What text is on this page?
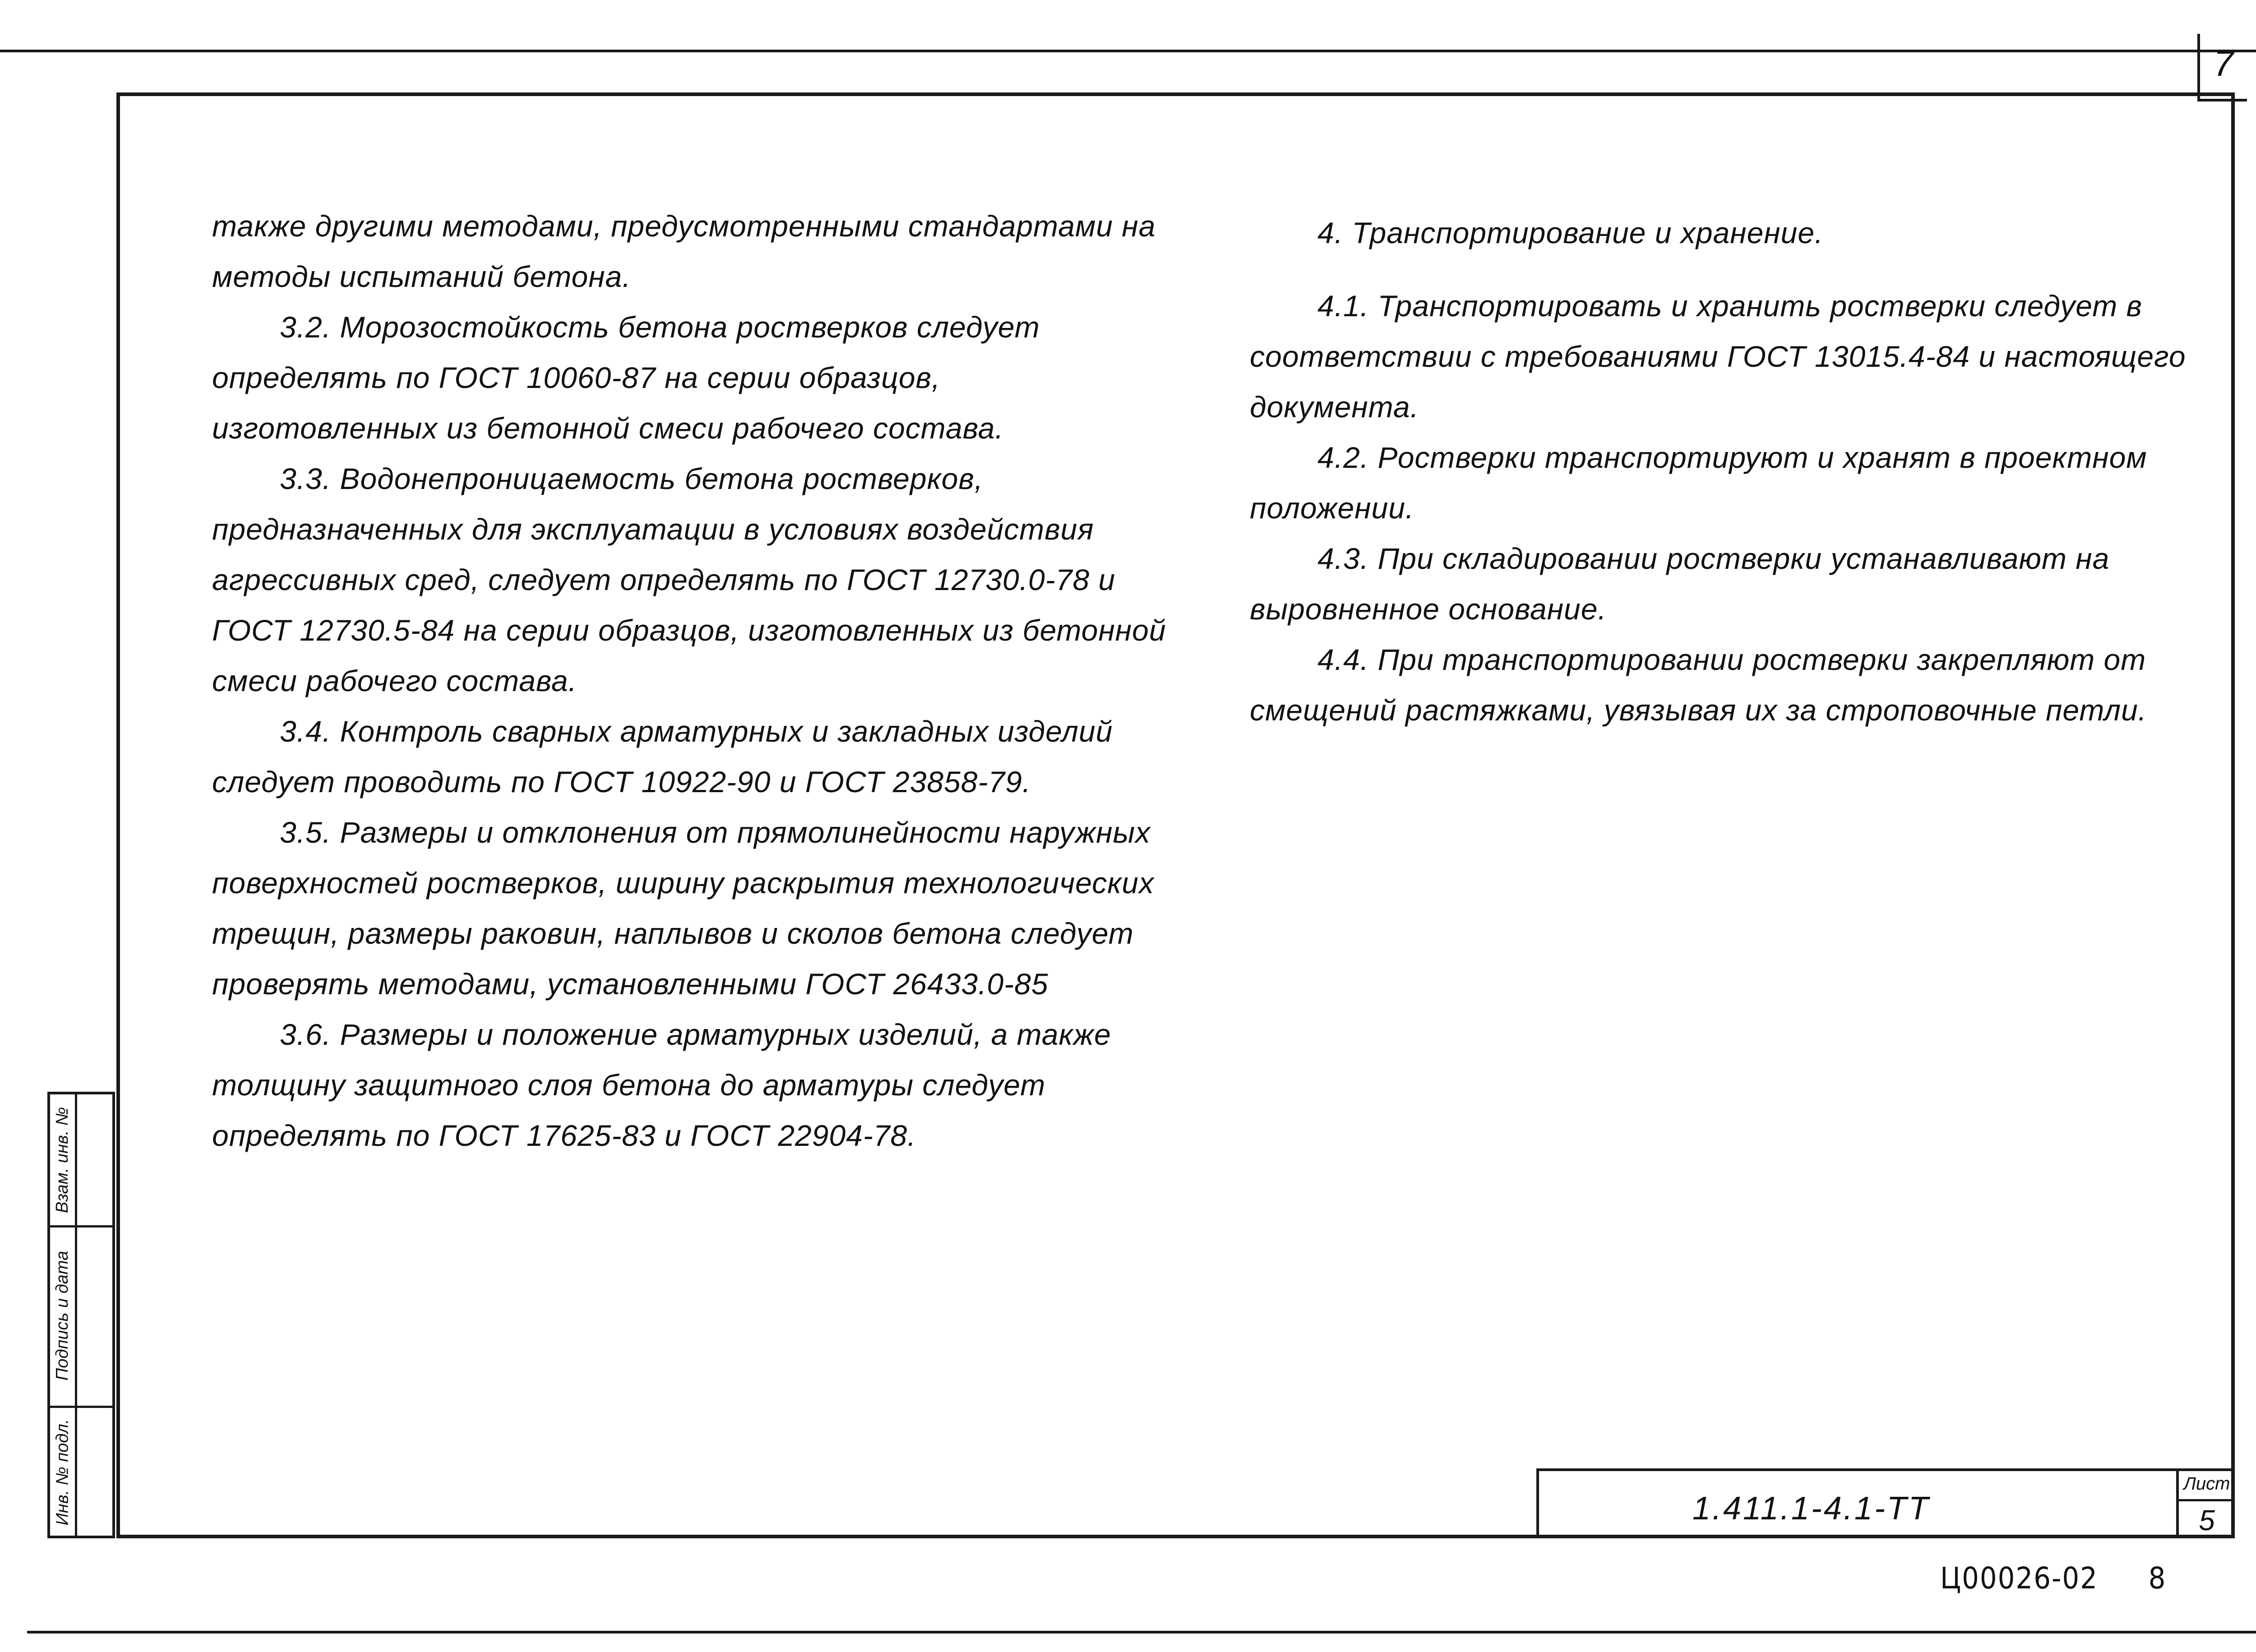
7

также другими методами, предусмотренными стандартами на методы испытаний бетона.

3.2. Морозостойкость бетона ростверков следует определять по ГОСТ 10060-87 на серии образцов, изготовленных из бетонной смеси рабочего состава.

3.3. Водонепроницаемость бетона ростверков, предназначенных для эксплуатации в условиях воздействия агрессивных сред, следует определять по ГОСТ 12730.0-78 и ГОСТ 12730.5-84 на серии образцов, изготовленных из бетонной смеси рабочего состава.

3.4. Контроль сварных арматурных и закладных изделий следует проводить по ГОСТ 10922-90 и ГОСТ 23858-79.

3.5. Размеры и отклонения от прямолинейности наружных поверхностей ростверков, ширину раскрытия технологических трещин, размеры раковин, наплывов и сколов бетона следует проверять методами, установленными ГОСТ 26433.0-85

3.6. Размеры и положение арматурных изделий, а также толщину защитного слоя бетона до арматуры следует определять по ГОСТ 17625-83 и ГОСТ 22904-78.

4. Транспортирование и хранение.

4.1. Транспортировать и хранить ростверки следует в соответствии с требованиями ГОСТ 13015.4-84 и настоящего документа.

4.2. Ростверки транспортируют и хранят в проектном положении.

4.3. При складировании ростверки устанавливают на выровненное основание.

4.4. При транспортировании ростверки закрепляют от смещений растяжками, увязывая их за строповочные петли.

Взам. инв. №
Подпись и дата
Инв. № подл.	1.411.1-4.1-ТТ
Лист
5
Ц00026-02 8
